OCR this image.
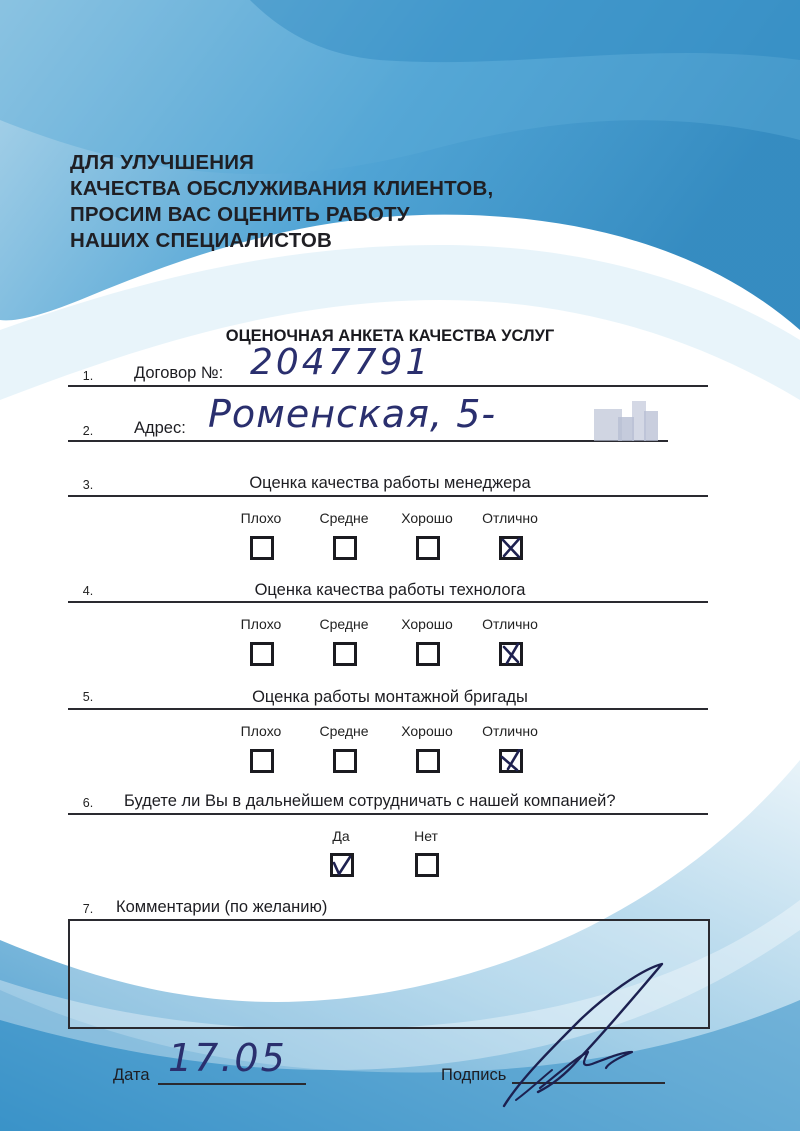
ДЛЯ УЛУЧШЕНИЯ
КАЧЕСТВА ОБСЛУЖИВАНИЯ КЛИЕНТОВ,
ПРОСИМ ВАС ОЦЕНИТЬ РАБОТУ
НАШИХ СПЕЦИАЛИСТОВ
ОЦЕНОЧНАЯ АНКЕТА КАЧЕСТВА УСЛУГ
1.	Договор №: 2047791
2.	Адрес: Роменская, 5-
3.	Оценка качества работы менеджера
Плохо	Средне	Хорошо	Отлично
4.	Оценка качества работы технолога
Плохо	Средне	Хорошо	Отлично
5.	Оценка работы монтажной бригады
Плохо	Средне	Хорошо	Отлично
6.	Будете ли Вы в дальнейшем сотрудничать с нашей компанией?
Да	Нет
7.	Комментарии (по желанию)
Дата 17.05	Подпись
